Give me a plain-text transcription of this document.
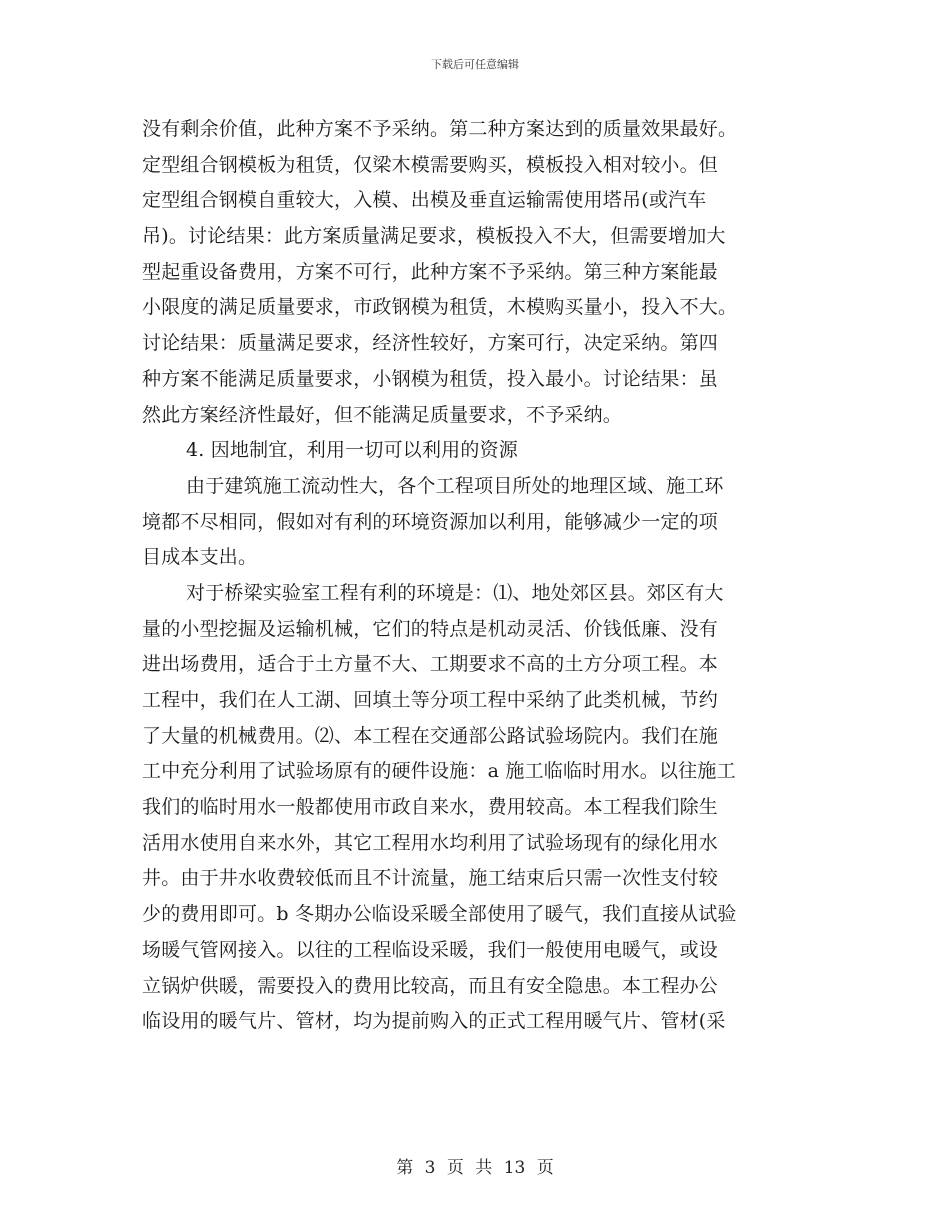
下载后可任意编辑
没有剩余价值，此种方案不予采纳。第二种方案达到的质量效果最好。
定型组合钢模板为租赁，仅梁木模需要购买，模板投入相对较小。但
定型组合钢模自重较大，入模、出模及垂直运输需使用塔吊(或汽车
吊)。讨论结果：此方案质量满足要求，模板投入不大，但需要增加大
型起重设备费用，方案不可行，此种方案不予采纳。第三种方案能最
小限度的满足质量要求，市政钢模为租赁，木模购买量小，投入不大。
讨论结果：质量满足要求，经济性较好，方案可行，决定采纳。第四
种方案不能满足质量要求，小钢模为租赁，投入最小。讨论结果：虽
然此方案经济性最好，但不能满足质量要求，不予采纳。
4. 因地制宜，利用一切可以利用的资源
由于建筑施工流动性大，各个工程项目所处的地理区域、施工环
境都不尽相同，假如对有利的环境资源加以利用，能够减少一定的项
目成本支出。
对于桥梁实验室工程有利的环境是：⑴、地处郊区县。郊区有大
量的小型挖掘及运输机械，它们的特点是机动灵活、价钱低廉、没有
进出场费用，适合于土方量不大、工期要求不高的土方分项工程。本
工程中，我们在人工湖、回填土等分项工程中采纳了此类机械，节约
了大量的机械费用。⑵、本工程在交通部公路试验场院内。我们在施
工中充分利用了试验场原有的硬件设施：a 施工临临时用水。以往施工
我们的临时用水一般都使用市政自来水，费用较高。本工程我们除生
活用水使用自来水外，其它工程用水均利用了试验场现有的绿化用水
井。由于井水收费较低而且不计流量，施工结束后只需一次性支付较
少的费用即可。b 冬期办公临设采暖全部使用了暖气，我们直接从试验
场暖气管网接入。以往的工程临设采暖，我们一般使用电暖气，或设
立锅炉供暖，需要投入的费用比较高，而且有安全隐患。本工程办公
临设用的暖气片、管材，均为提前购入的正式工程用暖气片、管材(采
第 3 页 共 13 页
